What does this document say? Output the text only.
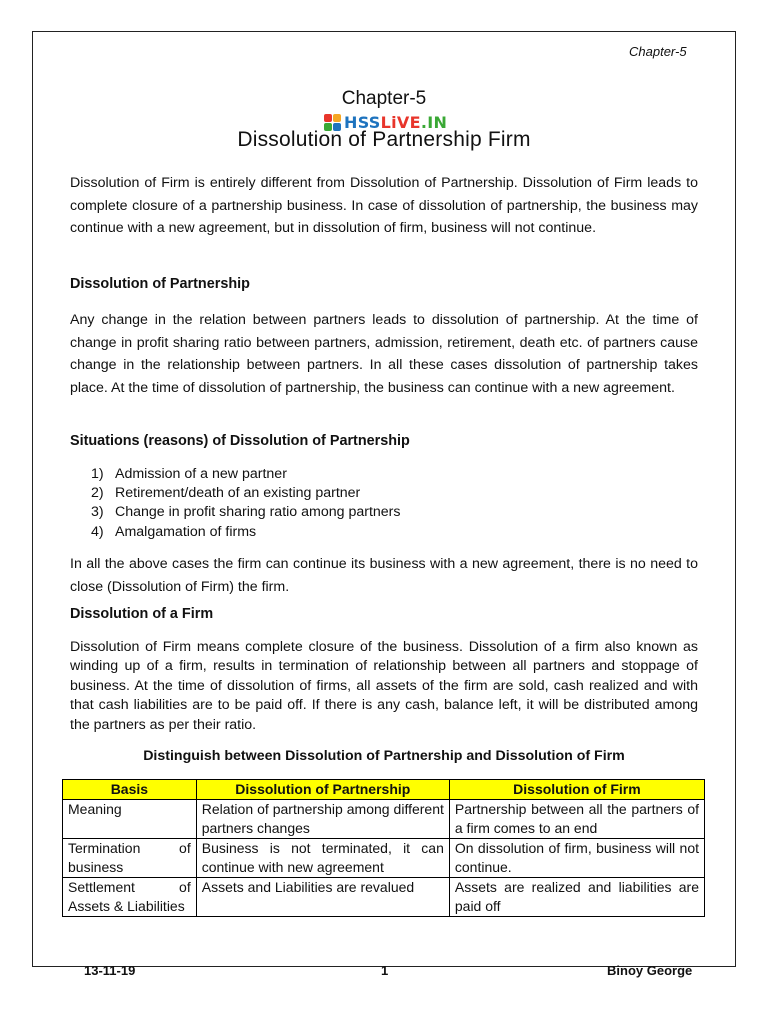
Chapter-5
Chapter-5
HSSLiVE.IN
Dissolution of Partnership Firm
Dissolution of Firm is entirely different from Dissolution of Partnership. Dissolution of Firm leads to complete closure of a partnership business. In case of dissolution of partnership, the business may continue with a new agreement, but in dissolution of firm, business will not continue.
Dissolution of Partnership
Any change in the relation between partners leads to dissolution of partnership. At the time of change in profit sharing ratio between partners, admission, retirement, death etc. of partners cause change in the relationship between partners. In all these cases dissolution of partnership takes place. At the time of dissolution of partnership, the business can continue with a new agreement.
Situations (reasons) of Dissolution of Partnership
1) Admission of a new partner
2) Retirement/death of an existing partner
3) Change in profit sharing ratio among partners
4) Amalgamation of firms
In all the above cases the firm can continue its business with a new agreement, there is no need to close (Dissolution of Firm) the firm.
Dissolution of a Firm
Dissolution of Firm means complete closure of the business. Dissolution of a firm also known as winding up of a firm, results in termination of relationship between all partners and stoppage of business. At the time of dissolution of firms, all assets of the firm are sold, cash realized and with that cash liabilities are to be paid off. If there is any cash, balance left, it will be distributed among the partners as per their ratio.
Distinguish between Dissolution of Partnership and Dissolution of Firm
Basis	Dissolution of Partnership	Dissolution of Firm
Meaning	Relation of partnership among different partners changes	Partnership between all the partners of a firm comes to an end
Termination of business	Business is not terminated, it can continue with new agreement	On dissolution of firm, business will not continue.
Settlement of Assets & Liabilities	Assets and Liabilities are revalued	Assets are realized and liabilities are paid off
13-11-19	1	Binoy George
